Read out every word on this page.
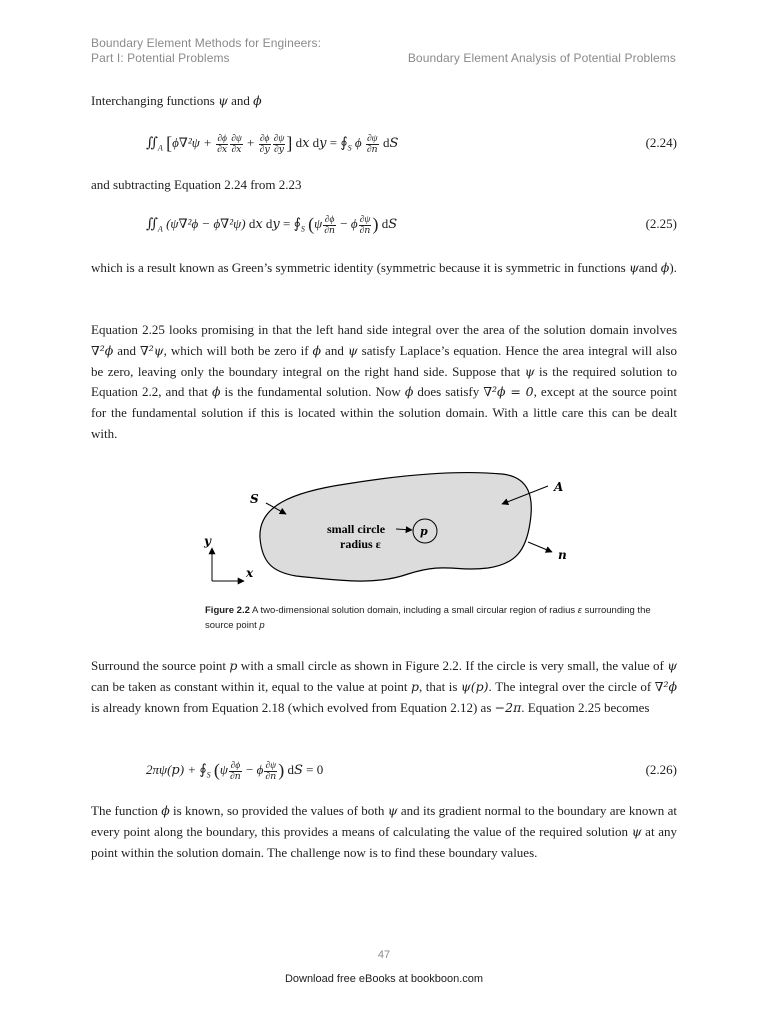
Boundary Element Methods for Engineers:
Part I: Potential Problems	Boundary Element Analysis of Potential Problems
Interchanging functions ψ and ϕ
$∬_A$ [$\phi\nabla^2\psi + \frac{\partial\phi}{\text{∂𝑥}} \frac{\partial\psi}{\text{∂𝑥}} + \frac{\partial\phi}{\text{∂𝑦}} \frac{\partial\psi}{\text{∂𝑦}}$ ] d𝑥 d𝑦 = $∮_S$ ϕ $\frac{\partial\psi}{\text{∂𝑛}}$ d𝑆	(2.24)
and subtracting Equation 2.24 from 2.23
$∬_A$ (ψ∇²ϕ − ϕ∇²ψ) d𝑥 d𝑦 = $∮_S$ ($\psi \frac{\partial\phi}{\text{∂𝑛}} - \phi \frac{\partial\psi}{\text{∂𝑛}}$ ) d𝑆	(2.25)
which is a result known as Green’s symmetric identity (symmetric because it is symmetric in functions ψand ϕ).
Equation 2.25 looks promising in that the left hand side integral over the area of the solution domain involves ∇²ϕ and ∇²ψ, which will both be zero if ϕ and ψ satisfy Laplace’s equation. Hence the area integral will also be zero, leaving only the boundary integral on the right hand side. Suppose that ψ is the required solution to Equation 2.2, and that ϕ is the fundamental solution. Now ϕ does satisfy ∇²ϕ = 0, except at the source point for the fundamental solution if this is located within the solution domain. With a little care this can be dealt with.
S
A
n
y
x
p
small circle
radius ε
Figure 2.2 A two-dimensional solution domain, including a small circular region of radius ε surrounding the source point p
Surround the source point p with a small circle as shown in Figure 2.2. If the circle is very small, the value of ψ can be taken as constant within it, equal to the value at point p, that is ψ(p). The integral over the circle of ∇²ϕ is already known from Equation 2.18 (which evolved from Equation 2.12) as −2π. Equation 2.25 becomes
2πψ(𝑝) + $∮_S$ ($\psi \frac{\partial\phi}{\text{∂𝑛}} - \phi \frac{\partial\psi}{\text{∂𝑛}}$ ) d𝑆 = 0	(2.26)
The function ϕ is known, so provided the values of both ψ and its gradient normal to the boundary are known at every point along the boundary, this provides a means of calculating the value of the required solution ψ at any point within the solution domain. The challenge now is to find these boundary values.
47
Download free eBooks at bookboon.com
